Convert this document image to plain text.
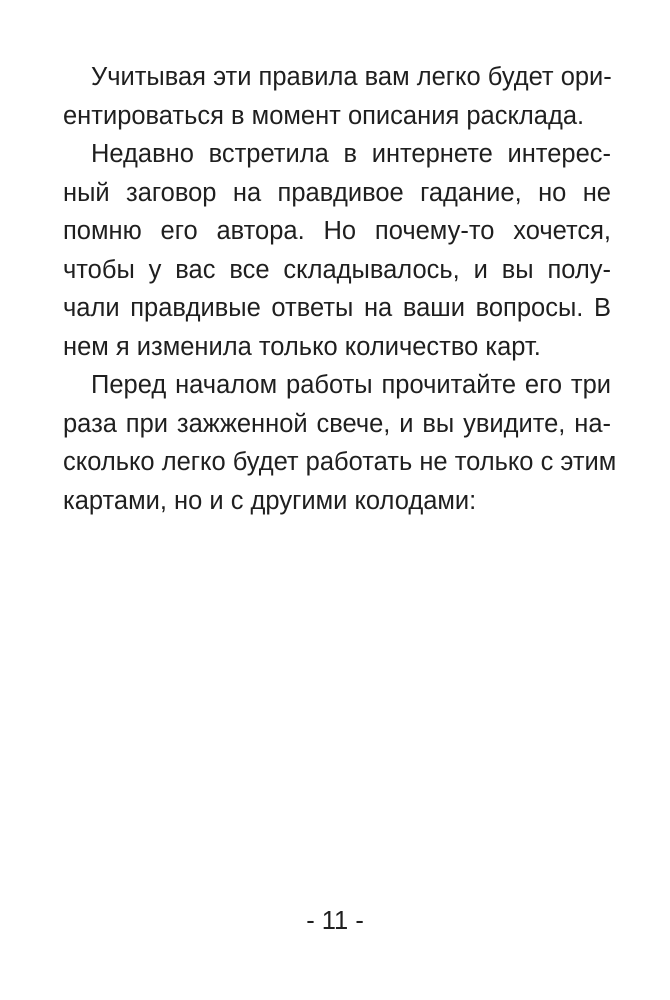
Учитывая эти правила вам легко будет ори-
ентироваться в момент описания расклада.

Недавно встретила в интернете интерес-
ный заговор на правдивое гадание, но не
помню его автора. Но почему-то хочется,
чтобы у вас все складывалось, и вы полу-
чали правдивые ответы на ваши вопросы. В
нем я изменила только количество карт.

Перед началом работы прочитайте его три
раза при зажженной свече, и вы увидите, на-
сколько легко будет работать не только с этим
картами, но и с другими колодами:

- 11 -
